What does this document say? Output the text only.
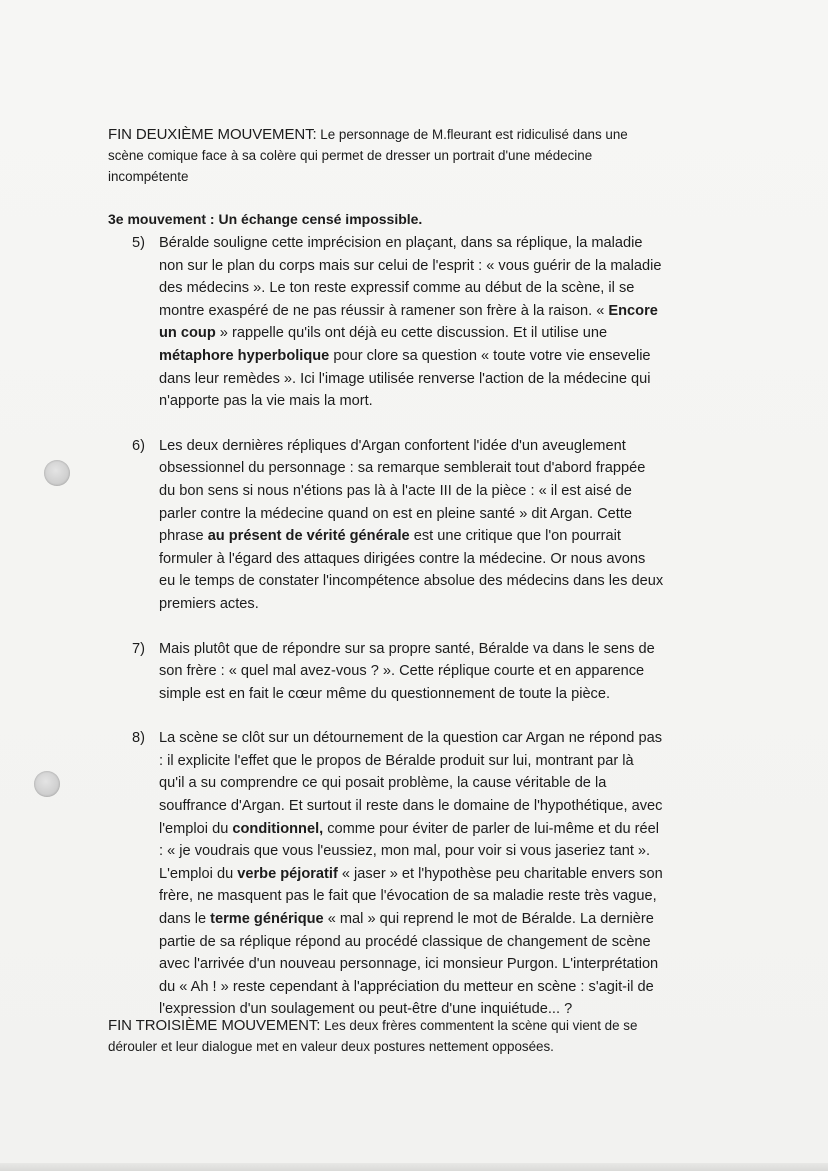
FIN DEUXIÈME MOUVEMENT: Le personnage de M.fleurant est ridiculisé dans une
scène comique face à sa colère qui permet de dresser un portrait d'une médecine
incompétente
3e mouvement : Un échange censé impossible.
5) Béralde souligne cette imprécision en plaçant, dans sa réplique, la maladie
non sur le plan du corps mais sur celui de l'esprit : « vous guérir de la maladie
des médecins ». Le ton reste expressif comme au début de la scène, il se
montre exaspéré de ne pas réussir à ramener son frère à la raison. « Encore
un coup » rappelle qu'ils ont déjà eu cette discussion. Et il utilise une
métaphore hyperbolique pour clore sa question « toute votre vie ensevelie
dans leur remèdes ». Ici l'image utilisée renverse l'action de la médecine qui
n'apporte pas la vie mais la mort.
6) Les deux dernières répliques d'Argan confortent l'idée d'un aveuglement
obsessionnel du personnage : sa remarque semblerait tout d'abord frappée
du bon sens si nous n'étions pas là à l'acte III de la pièce : « il est aisé de
parler contre la médecine quand on est en pleine santé » dit Argan. Cette
phrase au présent de vérité générale est une critique que l'on pourrait
formuler à l'égard des attaques dirigées contre la médecine. Or nous avons
eu le temps de constater l'incompétence absolue des médecins dans les deux
premiers actes.
7) Mais plutôt que de répondre sur sa propre santé, Béralde va dans le sens de
son frère : « quel mal avez-vous ? ». Cette réplique courte et en apparence
simple est en fait le cœur même du questionnement de toute la pièce.
8) La scène se clôt sur un détournement de la question car Argan ne répond pas
: il explicite l'effet que le propos de Béralde produit sur lui, montrant par là
qu'il a su comprendre ce qui posait problème, la cause véritable de la
souffrance d'Argan. Et surtout il reste dans le domaine de l'hypothétique, avec
l'emploi du conditionnel, comme pour éviter de parler de lui-même et du réel
: « je voudrais que vous l'eussiez, mon mal, pour voir si vous jaseriez tant ».
L'emploi du verbe péjoratif « jaser » et l'hypothèse peu charitable envers son
frère, ne masquent pas le fait que l'évocation de sa maladie reste très vague,
dans le terme générique « mal » qui reprend le mot de Béralde. La dernière
partie de sa réplique répond au procédé classique de changement de scène
avec l'arrivée d'un nouveau personnage, ici monsieur Purgon. L'interprétation
du « Ah ! » reste cependant à l'appréciation du metteur en scène : s'agit-il de
l'expression d'un soulagement ou peut-être d'une inquiétude... ?
FIN TROISIÈME MOUVEMENT: Les deux frères commentent la scène qui vient de se
dérouler et leur dialogue met en valeur deux postures nettement opposées.
